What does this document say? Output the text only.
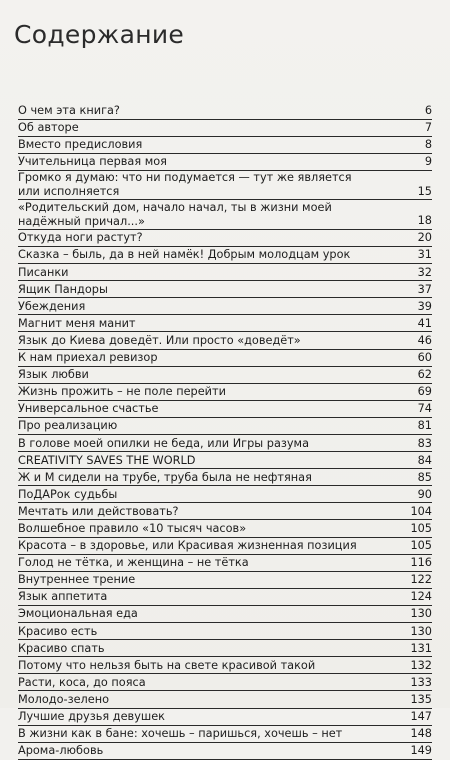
Содержание
О чем эта книга?	6
Об авторе	7
Вместо предисловия	8
Учительница первая моя	9
Громко я думаю: что ни подумается — тут же является
или исполняется	15
«Родительский дом, начало начал, ты в жизни моей
надёжный причал...»	18
Откуда ноги растут?	20
Сказка – быль, да в ней намёк! Добрым молодцам урок	31
Писанки	32
Ящик Пандоры	37
Убеждения	39
Магнит меня манит	41
Язык до Киева доведёт. Или просто «доведёт»	46
К нам приехал ревизор	60
Язык любви	62
Жизнь прожить – не поле перейти	69
Универсальное счастье	74
Про реализацию	81
В голове моей опилки не беда, или Игры разума	83
CREATIVITY SAVES THE WORLD	84
Ж и М сидели на трубе, труба была не нефтяная	85
ПоДАРок судьбы	90
Мечтать или действовать?	104
Волшебное правило «10 тысяч часов»	105
Красота – в здоровье, или Красивая жизненная позиция	105
Голод не тётка, и женщина – не тётка	116
Внутреннее трение	122
Язык аппетита	124
Эмоциональная еда	130
Красиво есть	130
Красиво спать	131
Потому что нельзя быть на свете красивой такой	132
Расти, коса, до пояса	133
Молодо-зелено	135
Лучшие друзья девушек	147
В жизни как в бане: хочешь – паришься, хочешь – нет	148
Арома-любовь	149
